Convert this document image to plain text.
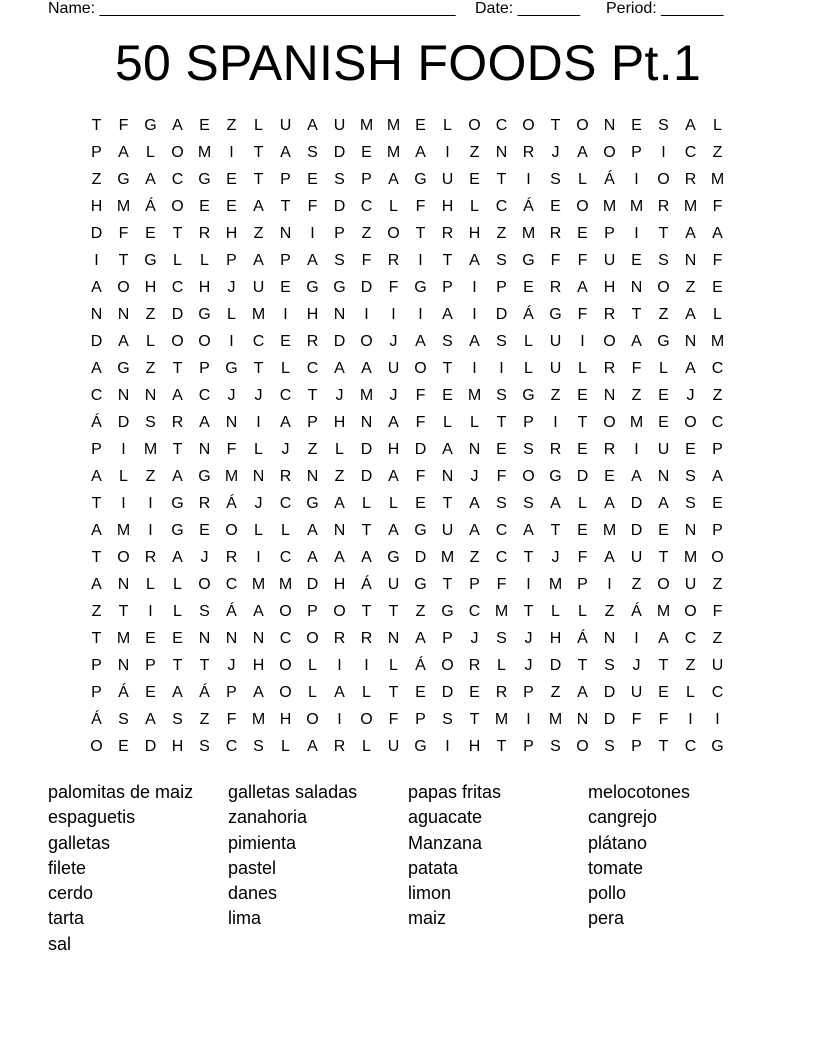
Name: ________________________________________ Date: _______ Period: _______
50 SPANISH FOODS Pt.1
T	F G A	E	Z	L	U A U M M E	L	O C O T O N E	S	A	L
P	A	L	O M	I	T	A	S D E M A	I	Z	N R	J	A O P	I	C	Z
Z G A C G E	T	P	E	S	P	A G U E	T	I	S	L	Á	I	O R M
H M Á O E	E	A	T	F	D C	L	F	H	L	C Á	E O M M R M F
D	F	E	T	R H	Z	N	I	P	Z O T	R H	Z M R E	P	I	T	A	A
I	T G	L	L	P	A	P	A	S	F	R	I	T	A	S G F	F	U E	S N	F
A O H C H	J	U E G G D	F G P	I	P	E R A H N O Z	E
N N	Z	D G	L M	I	H N	I	I	I	A	I	D Á G F	R	T	Z	A	L
D A	L	O O	I	C E R D O	J	A	S	A	S	L	U	I	O A G N M
A G Z	T	P G T	L	C A	A U O T	I	I	L	U	L	R	F	L	A C
C N N A C	J	J	C	T	J	M	J	F	E M S G Z	E N	Z	E	J	Z
Á D S R A N	I	A	P H N A	F	L	L	T	P	I	T O M E O C
P	I	M T	N	F	L	J	Z	L	D H D A N E	S R E R	I	U E	P
A	L	Z	A G M N R N	Z	D A	F	N	J	F O G D E	A N S	A
T	I	I	G R Á	J	C G A	L	L	E	T	A	S	S	A	L	A D A	S	E
A M	I	G E O	L	L	A N	T	A G U A C A	T	E M D E N P
T O R A	J	R	I	C A	A	A G D M Z	C	T	J	F	A U	T M O
A N	L	L	O C M M D H Á U G T	P	F	I	M P	I	Z O U	Z
Z	T	I	L	S	Á	A O P O T	T	Z G C M T	L	L	Z	Á M O F
T M E	E N N N C O R R N A	P	J	S	J	H Á N	I	A C	Z
P N P	T	T	J	H O	L	I	I	L	Á O R	L	J	D	T	S	J	T	Z	U
P	Á	E	A	Á	P	A O	L	A	L	T	E D E R P	Z	A D U E	L	C
Á	S	A	S	Z	F M H O	I	O F	P	S	T M	I	M N D	F	F	I	I
O E D H S C S	L	A R	L	U G	I	H	T	P	S O S	P	T	C G
palomitas de maiz	galletas saladas	papas fritas	melocotones
espaguetis	zanahoria	aguacate	cangrejo
galletas	pimienta	Manzana	plátano
filete	pastel	patata	tomate
cerdo	danes	limon	pollo
tarta	lima	maiz	pera
sal
